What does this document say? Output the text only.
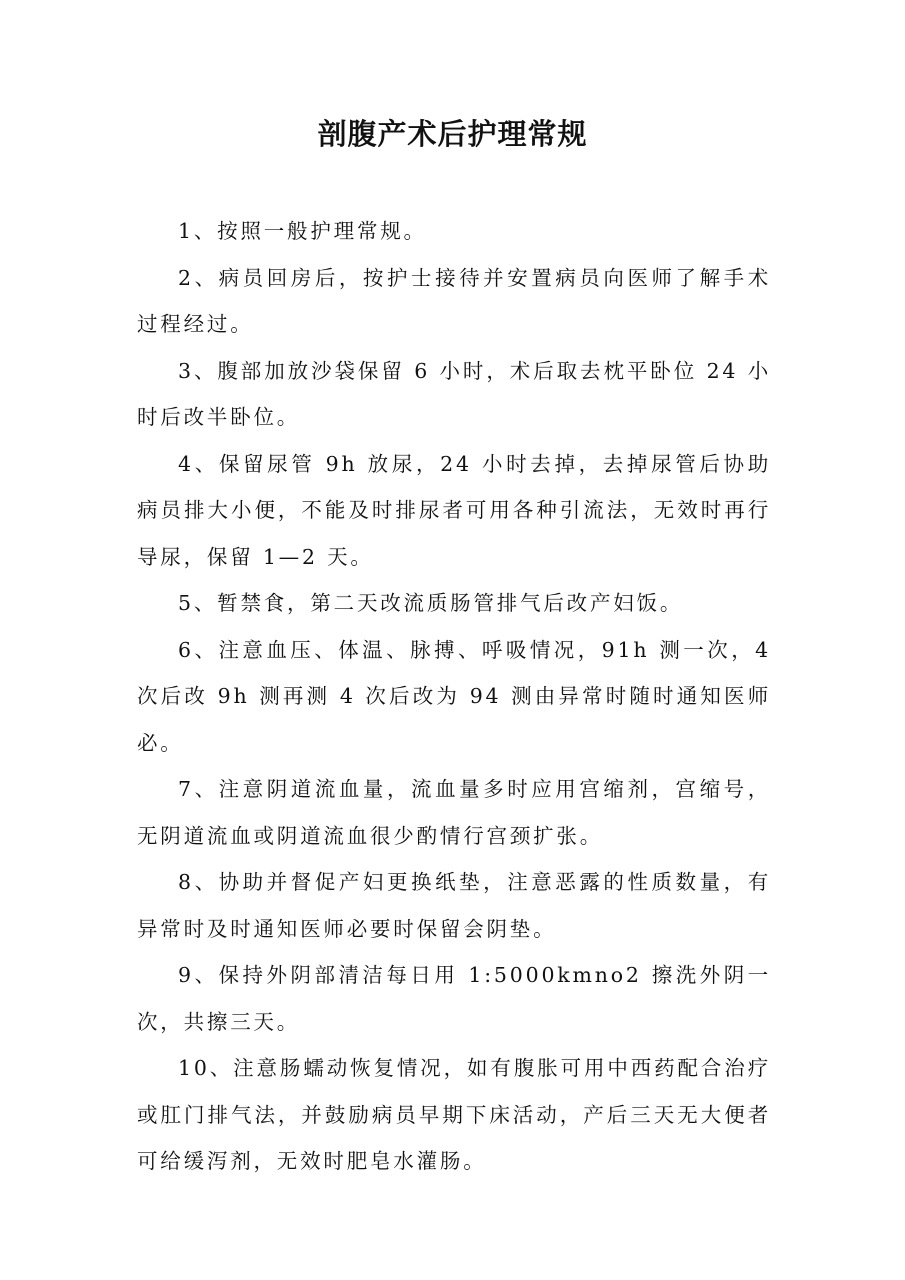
剖腹产术后护理常规

1、按照一般护理常规。

2、病员回房后，按护士接待并安置病员向医师了解手术过程经过。

3、腹部加放沙袋保留 6 小时，术后取去枕平卧位 24 小时后改半卧位。

4、保留尿管 9h 放尿，24 小时去掉，去掉尿管后协助病员排大小便，不能及时排尿者可用各种引流法，无效时再行导尿，保留 1—2 天。

5、暂禁食，第二天改流质肠管排气后改产妇饭。

6、注意血压、体温、脉搏、呼吸情况，91h 测一次，4 次后改 9h 测再测 4 次后改为 94 测由异常时随时通知医师必。

7、注意阴道流血量，流血量多时应用宫缩剂，宫缩号，无阴道流血或阴道流血很少酌情行宫颈扩张。

8、协助并督促产妇更换纸垫，注意恶露的性质数量，有异常时及时通知医师必要时保留会阴垫。

9、保持外阴部清洁每日用 1:5000kmno2 擦洗外阴一次，共擦三天。

10、注意肠蠕动恢复情况，如有腹胀可用中西药配合治疗或肛门排气法，并鼓励病员早期下床活动，产后三天无大便者可给缓泻剂，无效时肥皂水灌肠。
